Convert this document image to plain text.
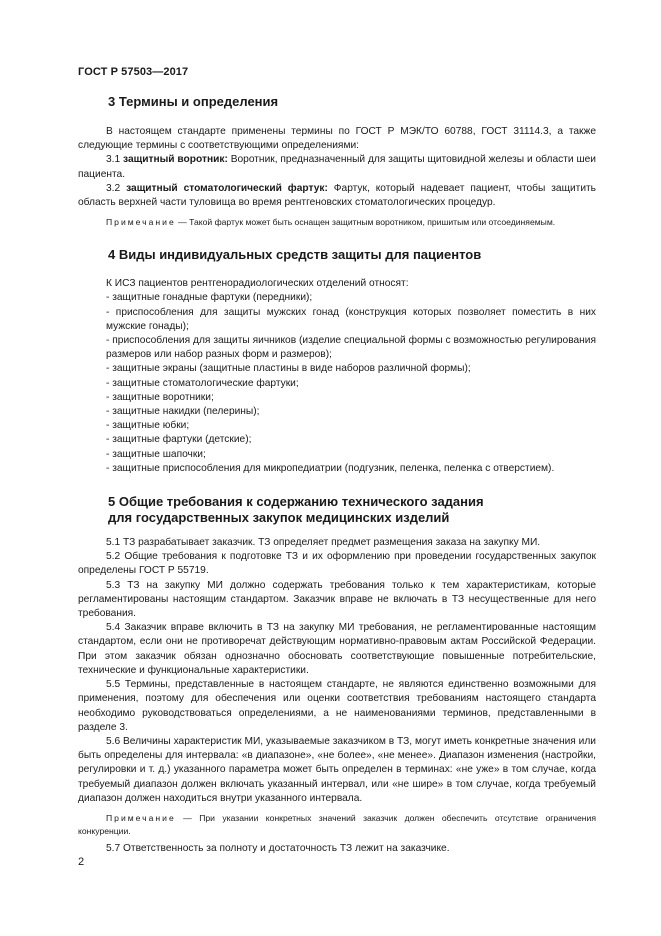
ГОСТ Р 57503—2017
3 Термины и определения

В настоящем стандарте применены термины по ГОСТ Р МЭК/ТО 60788, ГОСТ 31114.3, а также следующие термины с соответствующими определениями:

3.1 защитный воротник: Воротник, предназначенный для защиты щитовидной железы и области шеи пациента.

3.2 защитный стоматологический фартук: Фартук, который надевает пациент, чтобы защитить область верхней части туловища во время рентгеновских стоматологических процедур.

Примечание — Такой фартук может быть оснащен защитным воротником, пришитым или отсоединяемым.

4 Виды индивидуальных средств защиты для пациентов

К ИСЗ пациентов рентгенорадиологических отделений относят:

- защитные гонадные фартуки (передники);
- приспособления для защиты мужских гонад (конструкция которых позволяет поместить в них мужские гонады);
- приспособления для защиты яичников (изделие специальной формы с возможностью регулирования размеров или набор разных форм и размеров);
- защитные экраны (защитные пластины в виде наборов различной формы);
- защитные стоматологические фартуки;
- защитные воротники;
- защитные накидки (пелерины);
- защитные юбки;
- защитные фартуки (детские);
- защитные шапочки;
- защитные приспособления для микропедиатрии (подгузник, пеленка, пеленка с отверстием).
5 Общие требования к содержанию технического задания
для государственных закупок медицинских изделий

5.1 ТЗ разрабатывает заказчик. ТЗ определяет предмет размещения заказа на закупку МИ.

5.2 Общие требования к подготовке ТЗ и их оформлению при проведении государственных закупок определены ГОСТ Р 55719.

5.3 ТЗ на закупку МИ должно содержать требования только к тем характеристикам, которые регламентированы настоящим стандартом. Заказчик вправе не включать в ТЗ несущественные для него требования.

5.4 Заказчик вправе включить в ТЗ на закупку МИ требования, не регламентированные настоящим стандартом, если они не противоречат действующим нормативно-правовым актам Российской Федерации. При этом заказчик обязан однозначно обосновать соответствующие повышенные потребительские, технические и функциональные характеристики.

5.5 Термины, представленные в настоящем стандарте, не являются единственно возможными для применения, поэтому для обеспечения или оценки соответствия требованиям настоящего стандарта необходимо руководствоваться определениями, а не наименованиями терминов, представленными в разделе 3.

5.6 Величины характеристик МИ, указываемые заказчиком в ТЗ, могут иметь конкретные значения или быть определены для интервала: «в диапазоне», «не более», «не менее». Диапазон изменения (настройки, регулировки и т. д.) указанного параметра может быть определен в терминах: «не уже» в том случае, когда требуемый диапазон должен включать указанный интервал, или «не шире» в том случае, когда требуемый диапазон должен находиться внутри указанного интервала.

Примечание — При указании конкретных значений заказчик должен обеспечить отсутствие ограничения конкуренции.

5.7 Ответственность за полноту и достаточность ТЗ лежит на заказчике.

2
